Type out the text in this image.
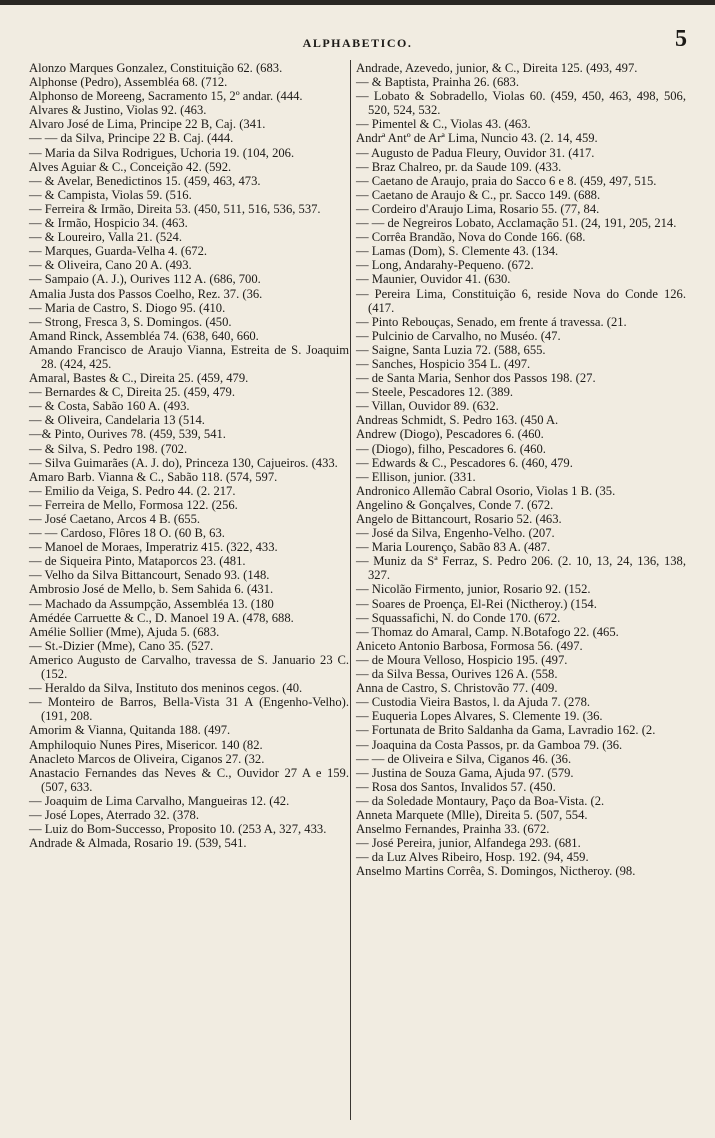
ALPHABETICO.	5
Alonzo Marques Gonzalez, Constituição 62. (683.
Alphonse (Pedro), Assembléa 68. (712.
Alphonso de Moreeng, Sacramento 15, 2º andar. (444.
Alvares & Justino, Violas 92. (463.
Alvaro José de Lima, Principe 22 B, Caj. (341.
— — da Silva, Principe 22 B. Caj. (444.
— Maria da Silva Rodrigues, Uchoria 19. (104, 206.
Alves Aguiar & C., Conceição 42. (592.
— & Avelar, Benedictinos 15. (459, 463, 473.
— & Campista, Violas 59. (516.
— Ferreira & Irmão, Direita 53. (450, 511, 516, 536, 537.
— & Irmão, Hospicio 34. (463.
— & Loureiro, Valla 21. (524.
— Marques, Guarda-Velha 4. (672.
— & Oliveira, Cano 20 A. (493.
— Sampaio (A. J.), Ourives 112 A. (686, 700.
Amalia Justa dos Passos Coelho, Rez. 37. (36.
— Maria de Castro, S. Diogo 95. (410.
— Strong, Fresca 3, S. Domingos. (450.
Amand Rinck, Assembléa 74. (638, 640, 660.
Amando Francisco de Araujo Vianna, Estreita de S. Joaquim 28. (424, 425.
Amaral, Bastes & C., Direita 25. (459, 479.
— Bernardes & C, Direita 25. (459, 479.
— & Costa, Sabão 160 A. (493.
— & Oliveira, Candelaria 13 (514.
—& Pinto, Ourives 78. (459, 539, 541.
— & Silva, S. Pedro 198. (702.
— Silva Guimarães (A. J. do), Princeza 130, Cajueiros. (433.
Amaro Barb. Vianna & C., Sabão 118. (574, 597.
— Emilio da Veiga, S. Pedro 44. (2. 217.
— Ferreira de Mello, Formosa 122. (256.
— José Caetano, Arcos 4 B. (655.
— — Cardoso, Flôres 18 O. (60 B, 63.
— Manoel de Moraes, Imperatriz 415. (322, 433.
— de Siqueira Pinto, Mataporcos 23. (481.
— Velho da Silva Bittancourt, Senado 93. (148.
Ambrosio José de Mello, b. Sem Sahida 6. (431.
— Machado da Assumpção, Assembléa 13. (180
Amédée Carruette & C., D. Manoel 19 A. (478, 688.
Amélie Sollier (Mme), Ajuda 5. (683.
— St.-Dizier (Mme), Cano 35. (527.
Americo Augusto de Carvalho, travessa de S. Januario 23 C. (152.
— Heraldo da Silva, Instituto dos meninos cegos. (40.
— Monteiro de Barros, Bella-Vista 31 A (Engenho-Velho). (191, 208.
Amorim & Vianna, Quitanda 188. (497.
Amphiloquio Nunes Pires, Misericor. 140 (82.
Anacleto Marcos de Oliveira, Ciganos 27. (32.
Anastacio Fernandes das Neves & C., Ouvidor 27 A e 159. (507, 633.
— Joaquim de Lima Carvalho, Mangueiras 12. (42.
— José Lopes, Aterrado 32. (378.
— Luiz do Bom-Successo, Proposito 10. (253 A, 327, 433.
Andrade & Almada, Rosario 19. (539, 541.
Andrade, Azevedo, junior, & C., Direita 125. (493, 497.
— & Baptista, Prainha 26. (683.
— Lobato & Sobradello, Violas 60. (459, 450, 463, 498, 506, 520, 524, 532.
— Pimentel & C., Violas 43. (463.
Andrª Antº de Arª Lima, Nuncio 43. (2. 14, 459.
— Augusto de Padua Fleury, Ouvidor 31. (417.
— Braz Chalreo, pr. da Saude 109. (433.
— Caetano de Araujo, praia do Sacco 6 e 8. (459, 497, 515.
— Caetano de Araujo & C., pr. Sacco 149. (688.
— Cordeiro d'Araujo Lima, Rosario 55. (77, 84.
— — de Negreiros Lobato, Acclamação 51. (24, 191, 205, 214.
— Corrêa Brandão, Nova do Conde 166. (68.
— Lamas (Dom), S. Clemente 43. (134.
— Long, Andarahy-Pequeno. (672.
— Maunier, Ouvidor 41. (630.
— Pereira Lima, Constituição 6, reside Nova do Conde 126. (417.
— Pinto Rebouças, Senado, em frente á travessa. (21.
— Pulcinio de Carvalho, no Muséo. (47.
— Saigne, Santa Luzia 72. (588, 655.
— Sanches, Hospicio 354 L. (497.
— de Santa Maria, Senhor dos Passos 198. (27.
— Steele, Pescadores 12. (389.
— Villan, Ouvidor 89. (632.
Andreas Schmidt, S. Pedro 163. (450 A.
Andrew (Diogo), Pescadores 6. (460.
— (Diogo), filho, Pescadores 6. (460.
— Edwards & C., Pescadores 6. (460, 479.
— Ellison, junior. (331.
Andronico Allemão Cabral Osorio, Violas 1 B. (35.
Angelino & Gonçalves, Conde 7. (672.
Angelo de Bittancourt, Rosario 52. (463.
— José da Silva, Engenho-Velho. (207.
— Maria Lourenço, Sabão 83 A. (487.
— Muniz da Sª Ferraz, S. Pedro 206. (2. 10, 13, 24, 136, 138, 327.
— Nicolão Firmento, junior, Rosario 92. (152.
— Soares de Proença, El-Rei (Nictheroy.) (154.
— Squassafichi, N. do Conde 170. (672.
— Thomaz do Amaral, Camp. N.Botafogo 22. (465.
Aniceto Antonio Barbosa, Formosa 56. (497.
— de Moura Velloso, Hospicio 195. (497.
— da Silva Bessa, Ourives 126 A. (558.
Anna de Castro, S. Christovão 77. (409.
— Custodia Vieira Bastos, l. da Ajuda 7. (278.
— Euqueria Lopes Alvares, S. Clemente 19. (36.
— Fortunata de Brito Saldanha da Gama, Lavradio 162. (2.
— Joaquina da Costa Passos, pr. da Gamboa 79. (36.
— — de Oliveira e Silva, Ciganos 46. (36.
— Justina de Souza Gama, Ajuda 97. (579.
— Rosa dos Santos, Invalidos 57. (450.
— da Soledade Montaury, Paço da Boa-Vista. (2.
Anneta Marquete (Mlle), Direita 5. (507, 554.
Anselmo Fernandes, Prainha 33. (672.
— José Pereira, junior, Alfandega 293. (681.
— da Luz Alves Ribeiro, Hosp. 192. (94, 459.
Anselmo Martins Corrêa, S. Domingos, Nictheroy. (98.
